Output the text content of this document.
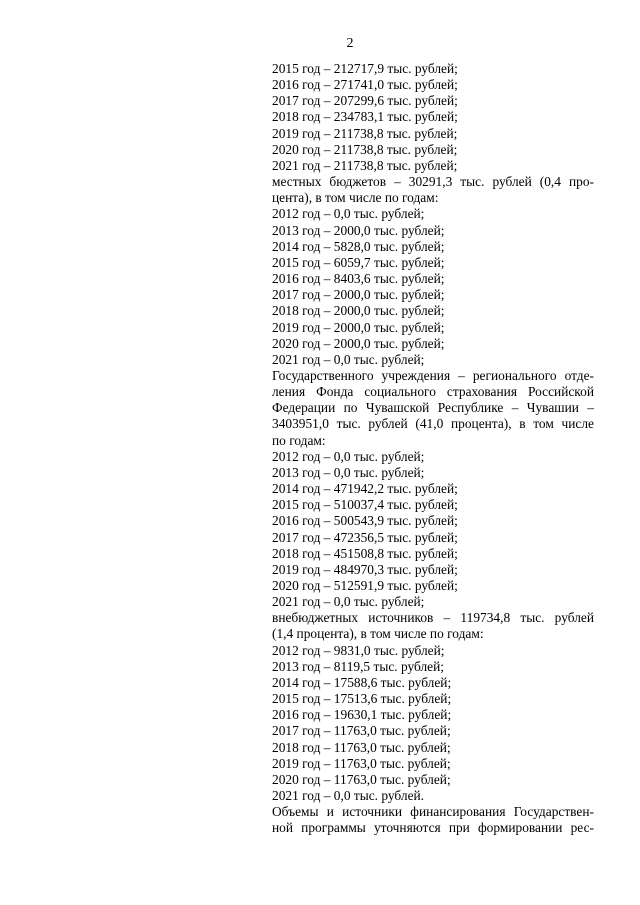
2
2015 год – 212717,9 тыс. рублей;
2016 год – 271741,0 тыс. рублей;
2017 год – 207299,6 тыс. рублей;
2018 год – 234783,1 тыс. рублей;
2019 год – 211738,8 тыс. рублей;
2020 год – 211738,8 тыс. рублей;
2021 год – 211738,8 тыс. рублей;
местных бюджетов – 30291,3 тыс. рублей (0,4 про-
цента), в том числе по годам:
2012 год – 0,0 тыс. рублей;
2013 год – 2000,0 тыс. рублей;
2014 год – 5828,0 тыс. рублей;
2015 год – 6059,7 тыс. рублей;
2016 год – 8403,6 тыс. рублей;
2017 год – 2000,0 тыс. рублей;
2018 год – 2000,0 тыс. рублей;
2019 год – 2000,0 тыс. рублей;
2020 год – 2000,0 тыс. рублей;
2021 год – 0,0 тыс. рублей;
Государственного учреждения – регионального отде-
ления Фонда социального страхования Российской
Федерации по Чувашской Республике – Чувашии –
3403951,0 тыс. рублей (41,0 процента), в том числе
по годам:
2012 год – 0,0 тыс. рублей;
2013 год – 0,0 тыс. рублей;
2014 год – 471942,2 тыс. рублей;
2015 год – 510037,4 тыс. рублей;
2016 год – 500543,9 тыс. рублей;
2017 год – 472356,5 тыс. рублей;
2018 год – 451508,8 тыс. рублей;
2019 год – 484970,3 тыс. рублей;
2020 год – 512591,9 тыс. рублей;
2021 год – 0,0 тыс. рублей;
внебюджетных источников – 119734,8 тыс. рублей
(1,4 процента), в том числе по годам:
2012 год – 9831,0 тыс. рублей;
2013 год – 8119,5 тыс. рублей;
2014 год – 17588,6 тыс. рублей;
2015 год – 17513,6 тыс. рублей;
2016 год – 19630,1 тыс. рублей;
2017 год – 11763,0 тыс. рублей;
2018 год – 11763,0 тыс. рублей;
2019 год – 11763,0 тыс. рублей;
2020 год – 11763,0 тыс. рублей;
2021 год – 0,0 тыс. рублей.
Объемы и источники финансирования Государствен-
ной программы уточняются при формировании рес-
